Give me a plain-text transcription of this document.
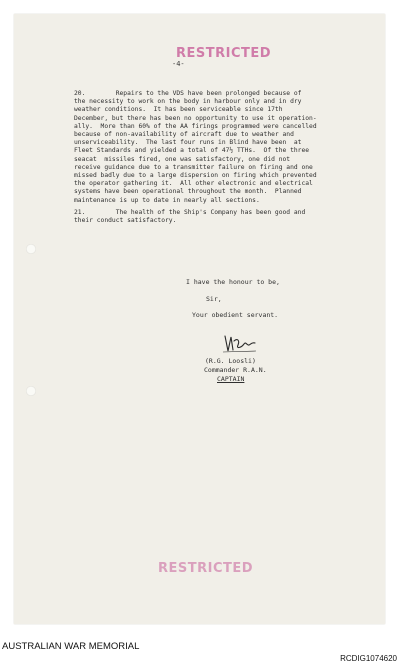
RESTRICTED
-4-
20.        Repairs to the VDS have been prolonged because of
the necessity to work on the body in harbour only and in dry
weather conditions.  It has been serviceable since 17th
December, but there has been no opportunity to use it operation-
ally.  More than 60% of the AA firings programmed were cancelled
because of non-availability of aircraft due to weather and
unserviceability.  The last four runs in Blind have been  at
Fleet Standards and yielded a total of 47½ TTHs.  Of the three
seacat  missiles fired, one was satisfactory, one did not
receive guidance due to a transmitter failure on firing and one
missed badly due to a large dispersion on firing which prevented
the operator gathering it.  All other electronic and electrical
systems have been operational throughout the month.  Planned
maintenance is up to date in nearly all sections.
21.        The health of the Ship's Company has been good and
their conduct satisfactory.
I have the honour to be,
Sir,
Your obedient servant.
(R.G. Loosli)
Commander R.A.N.
CAPTAIN
RESTRICTED
AUSTRALIAN WAR MEMORIAL
RCDIG1074620
